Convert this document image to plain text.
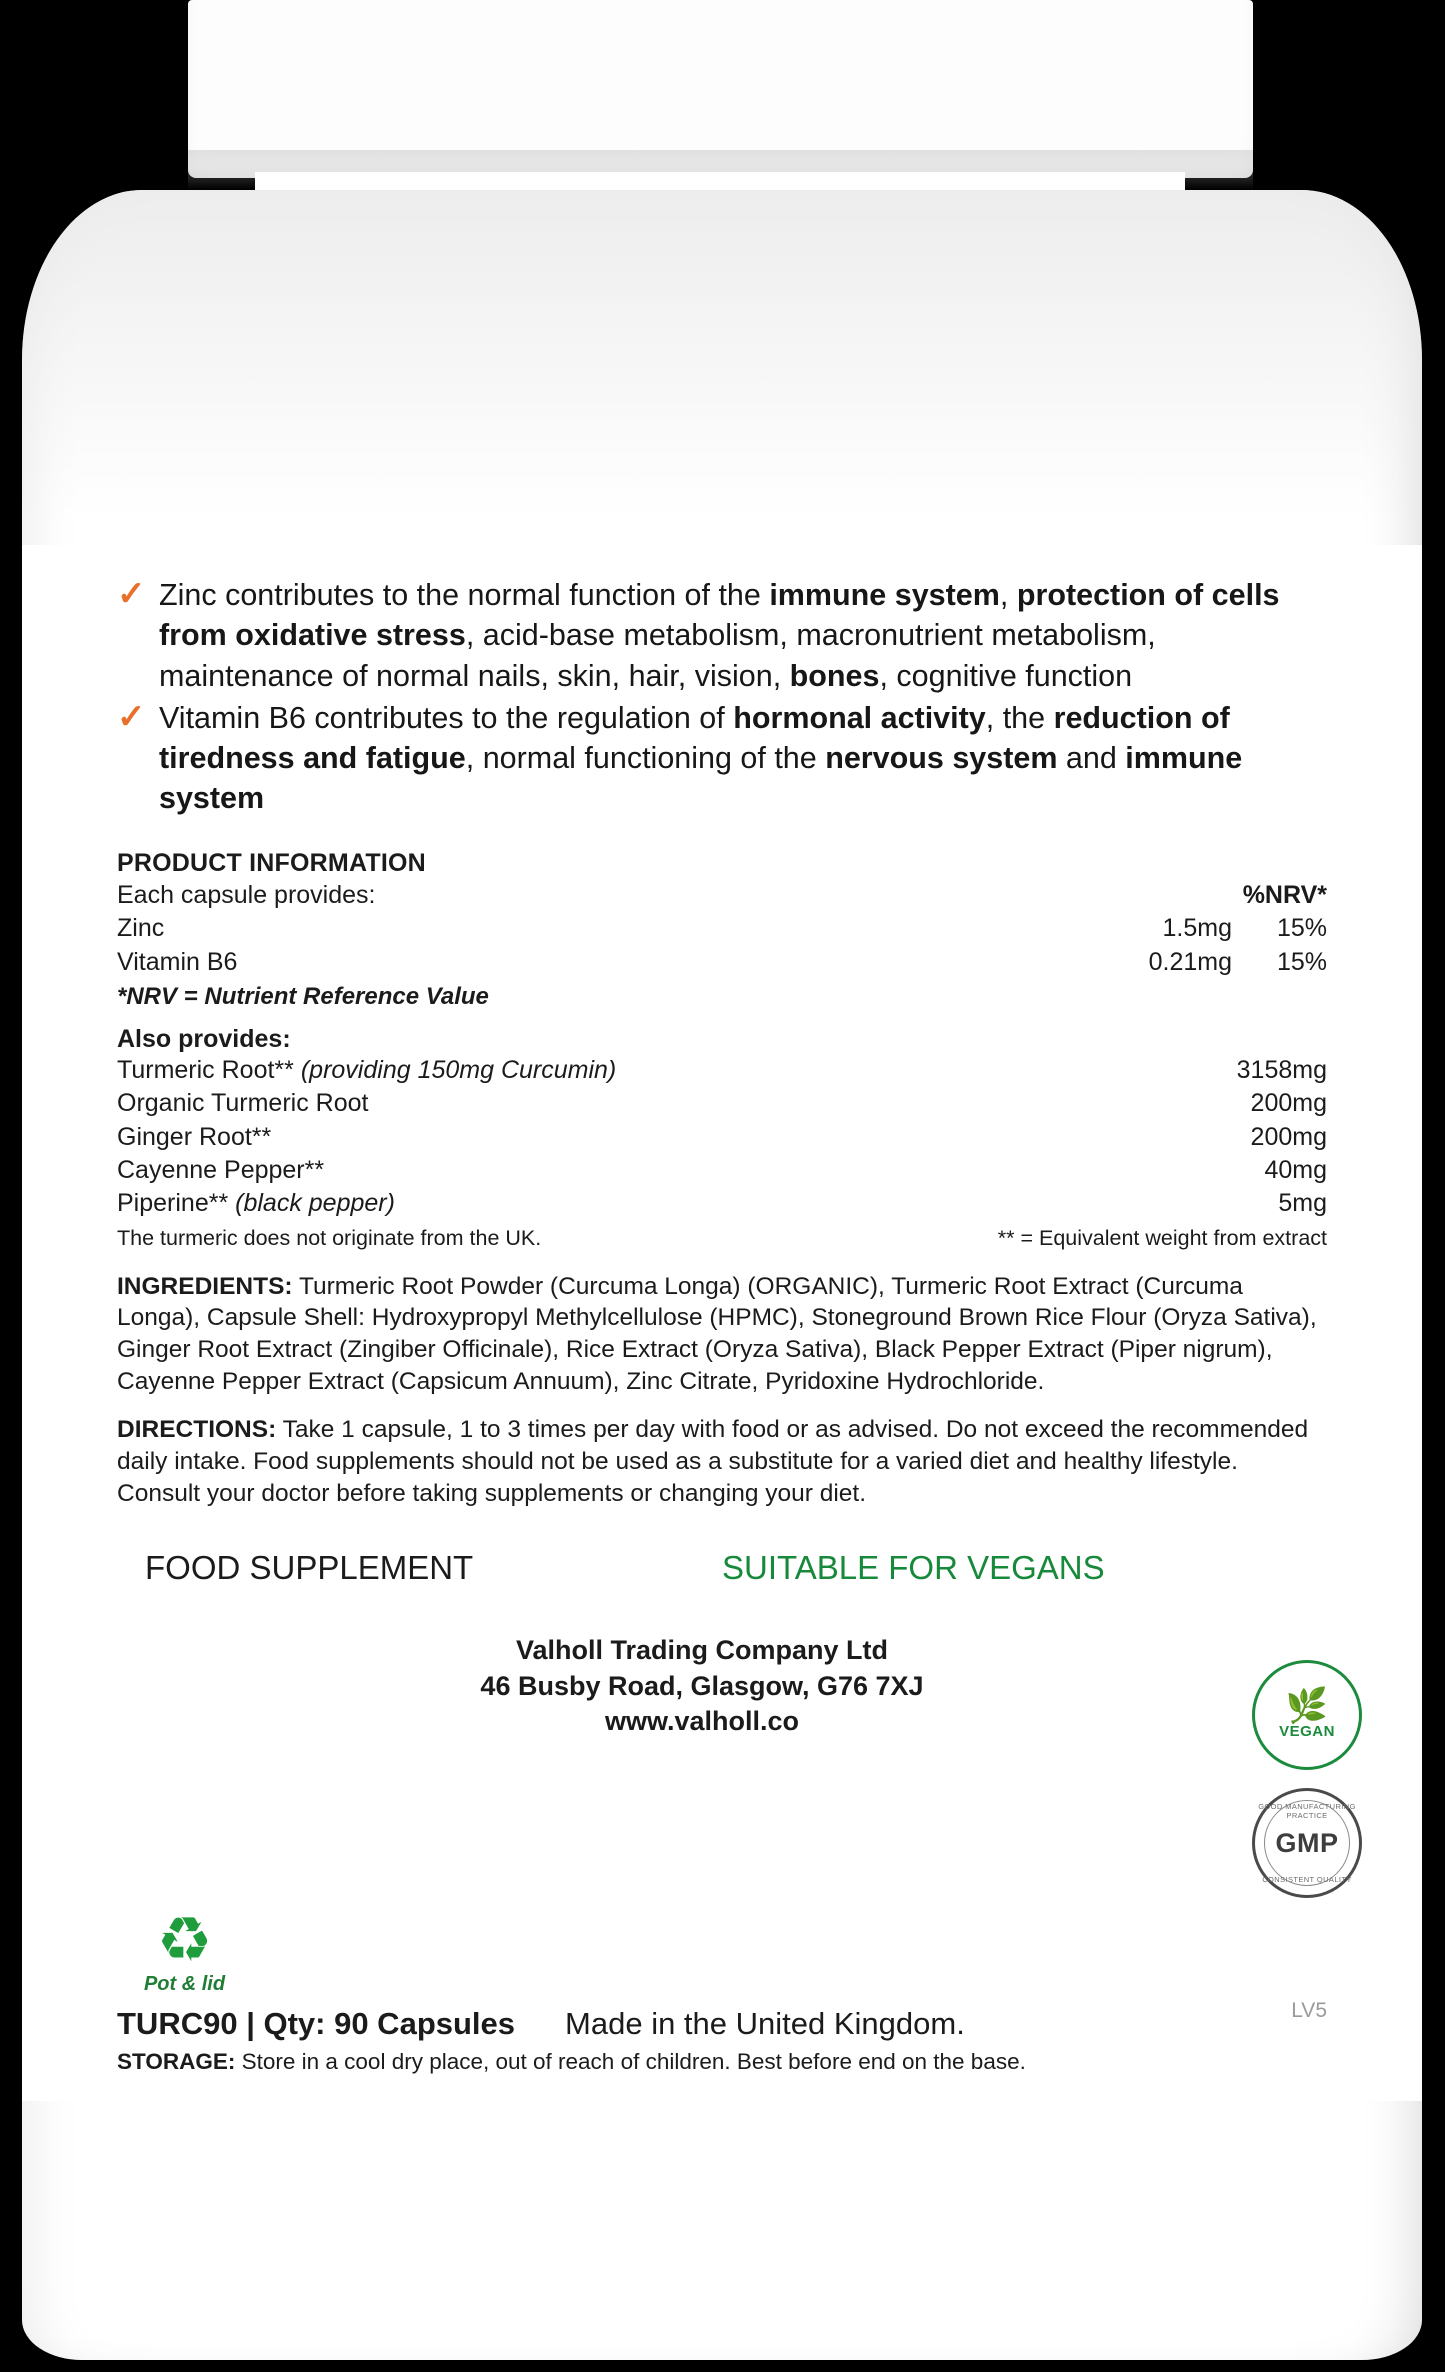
✓ Zinc contributes to the normal function of the immune system, protection of cells from oxidative stress, acid-base metabolism, macronutrient metabolism, maintenance of normal nails, skin, hair, vision, bones, cognitive function
✓ Vitamin B6 contributes to the regulation of hormonal activity, the reduction of tiredness and fatigue, normal functioning of the nervous system and immune system
PRODUCT INFORMATION
Each capsule provides:	%NRV*
Zinc	1.5mg	15%
Vitamin B6	0.21mg	15%
*NRV = Nutrient Reference Value
Also provides:
Turmeric Root** (providing 150mg Curcumin)	3158mg
Organic Turmeric Root	200mg
Ginger Root**	200mg
Cayenne Pepper**	40mg
Piperine** (black pepper)	5mg
The turmeric does not originate from the UK.	** = Equivalent weight from extract
INGREDIENTS: Turmeric Root Powder (Curcuma Longa) (ORGANIC), Turmeric Root Extract (Curcuma Longa), Capsule Shell: Hydroxypropyl Methylcellulose (HPMC), Stoneground Brown Rice Flour (Oryza Sativa), Ginger Root Extract (Zingiber Officinale), Rice Extract (Oryza Sativa), Black Pepper Extract (Piper nigrum), Cayenne Pepper Extract (Capsicum Annuum), Zinc Citrate, Pyridoxine Hydrochloride.
DIRECTIONS: Take 1 capsule, 1 to 3 times per day with food or as advised. Do not exceed the recommended daily intake. Food supplements should not be used as a substitute for a varied diet and healthy lifestyle. Consult your doctor before taking supplements or changing your diet.
FOOD SUPPLEMENT	SUITABLE FOR VEGANS
Valholl Trading Company Ltd
46 Busby Road, Glasgow, G76 7XJ
www.valholl.co	🌿
VEGAN
GOOD MANUFACTURING PRACTICE
GMP
CONSISTENT QUALITY
♻
Pot & lid
TURC90 | Qty: 90 Capsules Made in the United Kingdom.	LV5
STORAGE: Store in a cool dry place, out of reach of children. Best before end on the base.
